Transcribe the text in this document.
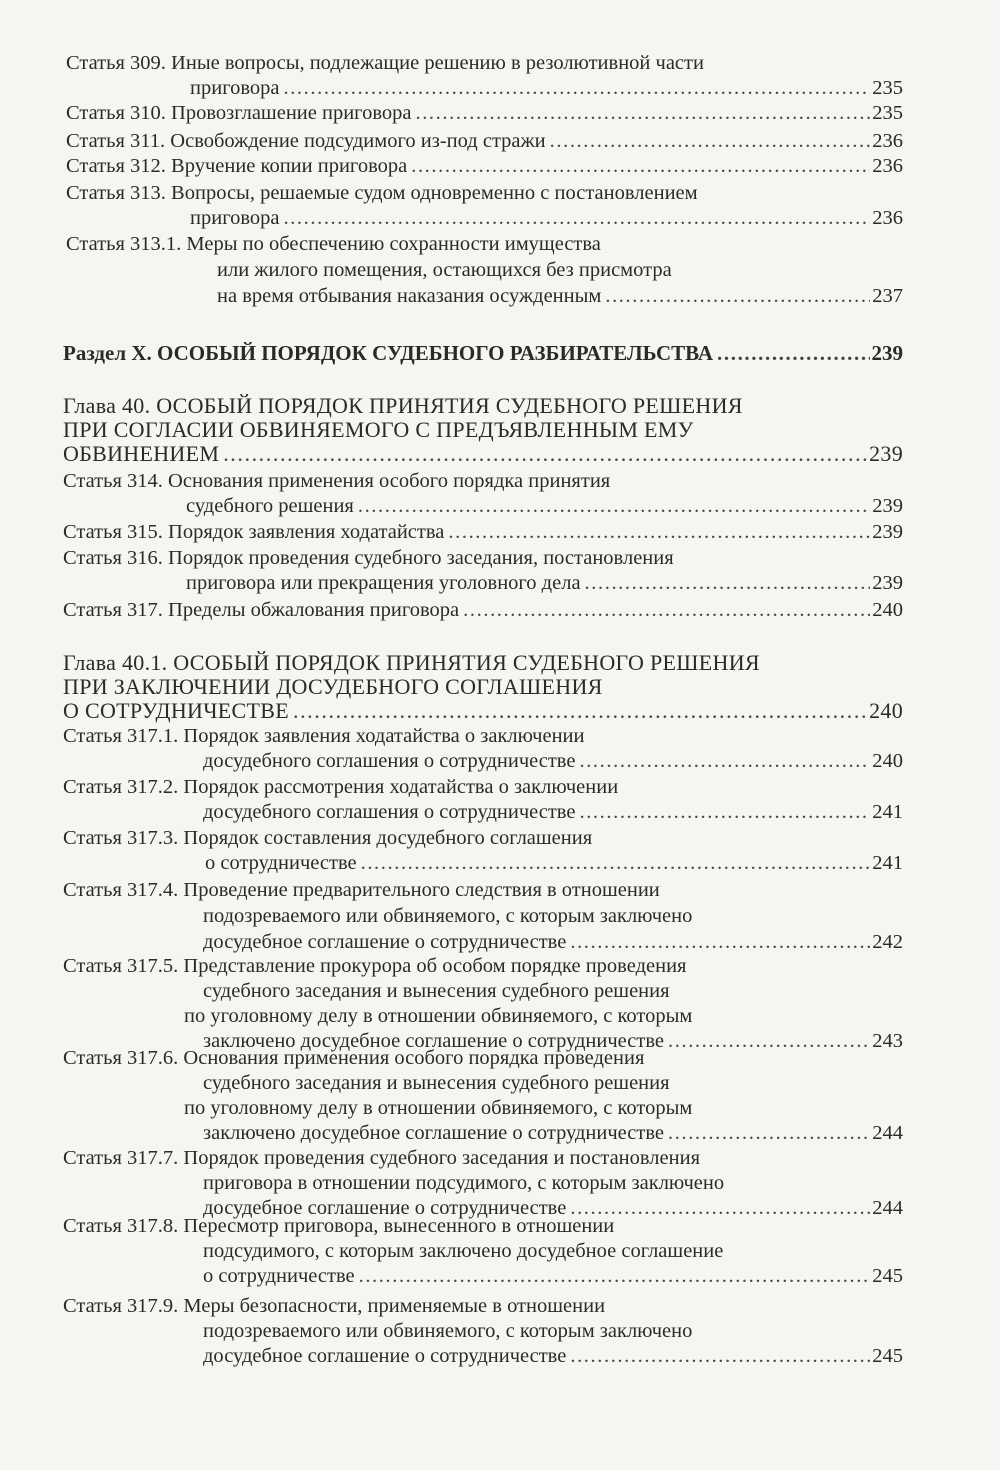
Статья 309. Иные вопросы, подлежащие решению в резолютивной части
приговора .....	235
Статья 310. Провозглашение приговора .....	235
Статья 311. Освобождение подсудимого из-под стражи .....	236
Статья 312. Вручение копии приговора .....	236
Статья 313. Вопросы, решаемые судом одновременно с постановлением
приговора .....	236
Статья 313.1. Меры по обеспечению сохранности имущества
или жилого помещения, остающихся без присмотра
на время отбывания наказания осужденным .....	237
Раздел X. ОСОБЫЙ ПОРЯДОК СУДЕБНОГО РАЗБИРАТЕЛЬСТВА .....	239
Глава 40. ОСОБЫЙ ПОРЯДОК ПРИНЯТИЯ СУДЕБНОГО РЕШЕНИЯ
ПРИ СОГЛАСИИ ОБВИНЯЕМОГО С ПРЕДЪЯВЛЕННЫМ ЕМУ
ОБВИНЕНИЕМ .....	239
Статья 314. Основания применения особого порядка принятия
судебного решения .....	239
Статья 315. Порядок заявления ходатайства .....	239
Статья 316. Порядок проведения судебного заседания, постановления
приговора или прекращения уголовного дела .....	239
Статья 317. Пределы обжалования приговора .....	240
Глава 40.1. ОСОБЫЙ ПОРЯДОК ПРИНЯТИЯ СУДЕБНОГО РЕШЕНИЯ
ПРИ ЗАКЛЮЧЕНИИ ДОСУДЕБНОГО СОГЛАШЕНИЯ
О СОТРУДНИЧЕСТВЕ .....	240
Статья 317.1. Порядок заявления ходатайства о заключении
досудебного соглашения о сотрудничестве .....	240
Статья 317.2. Порядок рассмотрения ходатайства о заключении
досудебного соглашения о сотрудничестве .....	241
Статья 317.3. Порядок составления досудебного соглашения
о сотрудничестве .....	241
Статья 317.4. Проведение предварительного следствия в отношении
подозреваемого или обвиняемого, с которым заключено
досудебное соглашение о сотрудничестве .....	242
Статья 317.5. Представление прокурора об особом порядке проведения
судебного заседания и вынесения судебного решения
по уголовному делу в отношении обвиняемого, с которым
заключено досудебное соглашение о сотрудничестве .....	243
Статья 317.6. Основания применения особого порядка проведения
судебного заседания и вынесения судебного решения
по уголовному делу в отношении обвиняемого, с которым
заключено досудебное соглашение о сотрудничестве .....	244
Статья 317.7. Порядок проведения судебного заседания и постановления
приговора в отношении подсудимого, с которым заключено
досудебное соглашение о сотрудничестве .....	244
Статья 317.8. Пересмотр приговора, вынесенного в отношении
подсудимого, с которым заключено досудебное соглашение
о сотрудничестве .....	245
Статья 317.9. Меры безопасности, применяемые в отношении
подозреваемого или обвиняемого, с которым заключено
досудебное соглашение о сотрудничестве .....	245
